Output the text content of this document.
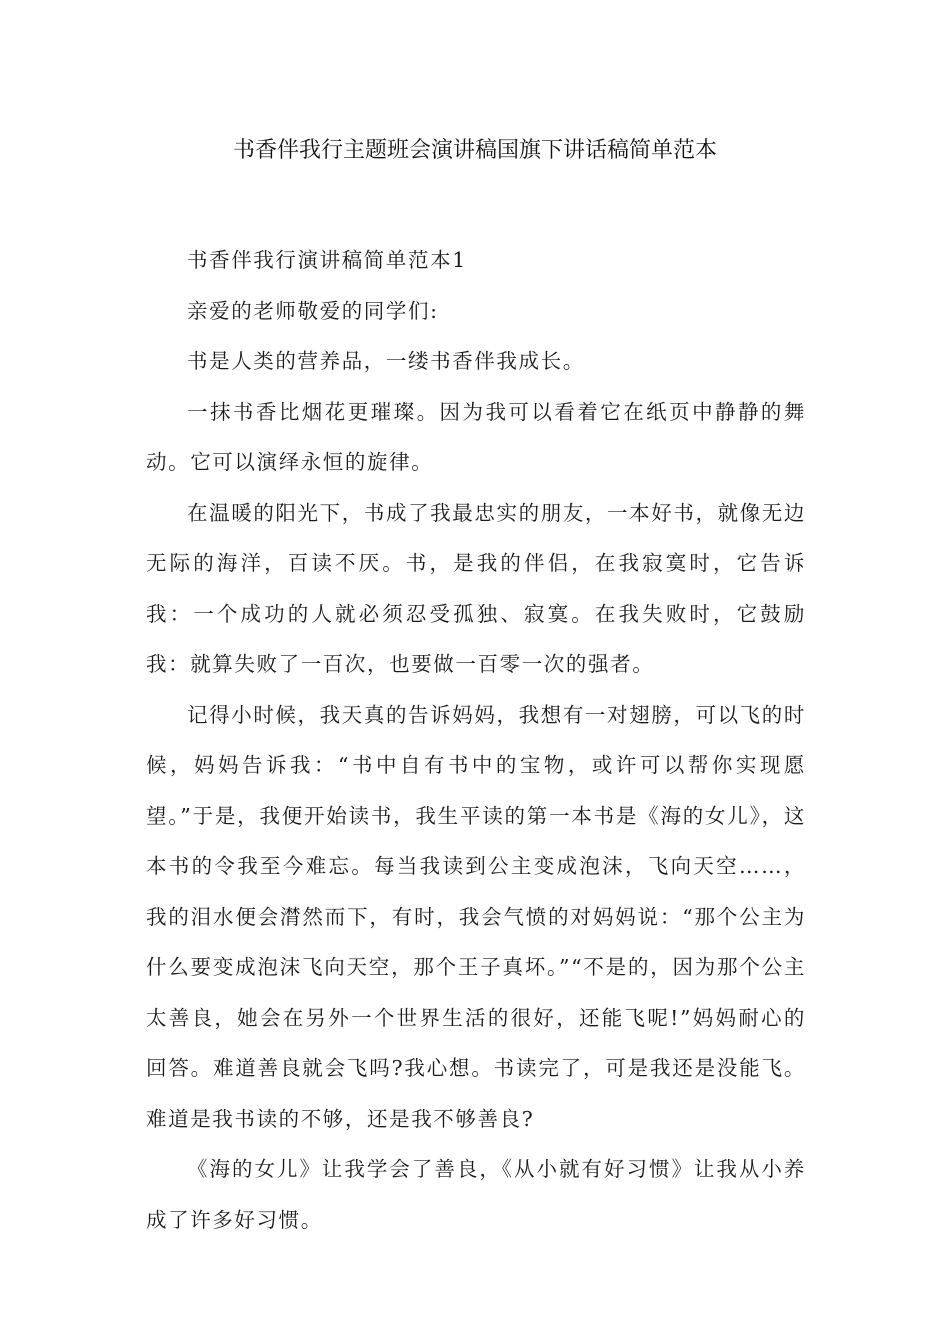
书香伴我行主题班会演讲稿国旗下讲话稿简单范本

书香伴我行演讲稿简单范本1

亲爱的老师敬爱的同学们:

书是人类的营养品，一缕书香伴我成长。

一抹书香比烟花更璀璨。因为我可以看着它在纸页中静静的舞动。它可以演绎永恒的旋律。

在温暖的阳光下，书成了我最忠实的朋友，一本好书，就像无边无际的海洋，百读不厌。书，是我的伴侣，在我寂寞时，它告诉我：一个成功的人就必须忍受孤独、寂寞。在我失败时，它鼓励我：就算失败了一百次，也要做一百零一次的强者。

记得小时候，我天真的告诉妈妈，我想有一对翅膀，可以飞的时候，妈妈告诉我：“书中自有书中的宝物，或许可以帮你实现愿望。”于是，我便开始读书，我生平读的第一本书是《海的女儿》，这本书的令我至今难忘。每当我读到公主变成泡沫，飞向天空……，我的泪水便会潸然而下，有时，我会气愤的对妈妈说：“那个公主为什么要变成泡沫飞向天空，那个王子真坏。”“不是的，因为那个公主太善良，她会在另外一个世界生活的很好，还能飞呢!”妈妈耐心的回答。难道善良就会飞吗?我心想。书读完了，可是我还是没能飞。难道是我书读的不够，还是我不够善良?

《海的女儿》让我学会了善良，《从小就有好习惯》让我从小养成了许多好习惯。
